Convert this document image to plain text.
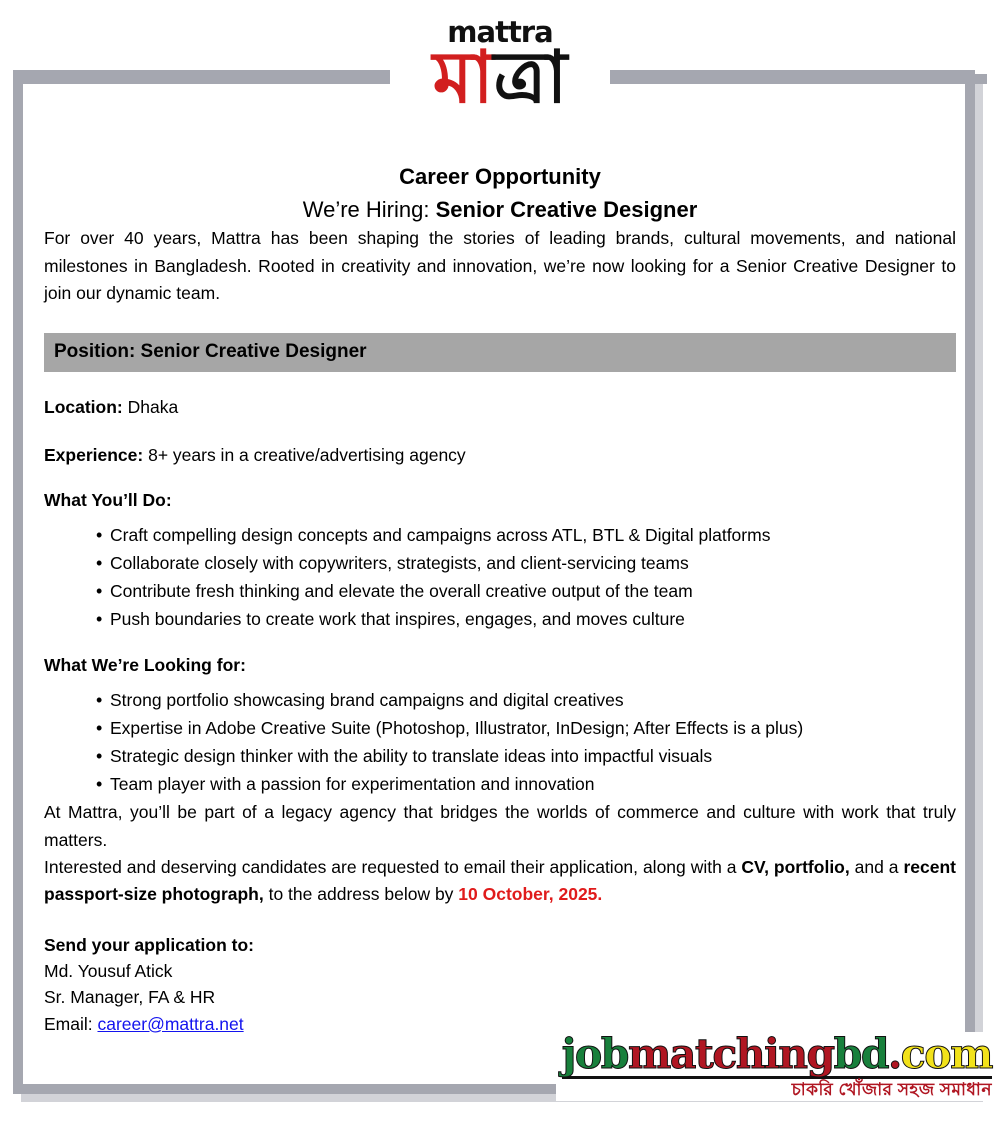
mattra
মাত্রা
Career Opportunity
We’re Hiring: Senior Creative Designer

For over 40 years, Mattra has been shaping the stories of leading brands, cultural movements, and national milestones in Bangladesh. Rooted in creativity and innovation, we’re now looking for a Senior Creative Designer to join our dynamic team.

Position: Senior Creative Designer
Location: Dhaka
Experience: 8+ years in a creative/advertising agency
What You’ll Do:
• Craft compelling design concepts and campaigns across ATL, BTL & Digital platforms
• Collaborate closely with copywriters, strategists, and client-servicing teams
• Contribute fresh thinking and elevate the overall creative output of the team
• Push boundaries to create work that inspires, engages, and moves culture
What We’re Looking for:
• Strong portfolio showcasing brand campaigns and digital creatives
• Expertise in Adobe Creative Suite (Photoshop, Illustrator, InDesign; After Effects is a plus)
• Strategic design thinker with the ability to translate ideas into impactful visuals
• Team player with a passion for experimentation and innovation

At Mattra, you’ll be part of a legacy agency that bridges the worlds of commerce and culture with work that truly matters.

Interested and deserving candidates are requested to email their application, along with a CV, portfolio, and a recent passport-size photograph, to the address below by 10 October, 2025.

Send your application to:
Md. Yousuf Atick
Sr. Manager, FA & HR
Email: career@mattra.net
jobmatchingbd.com
চাকরি খোঁজার সহজ সমাধান
